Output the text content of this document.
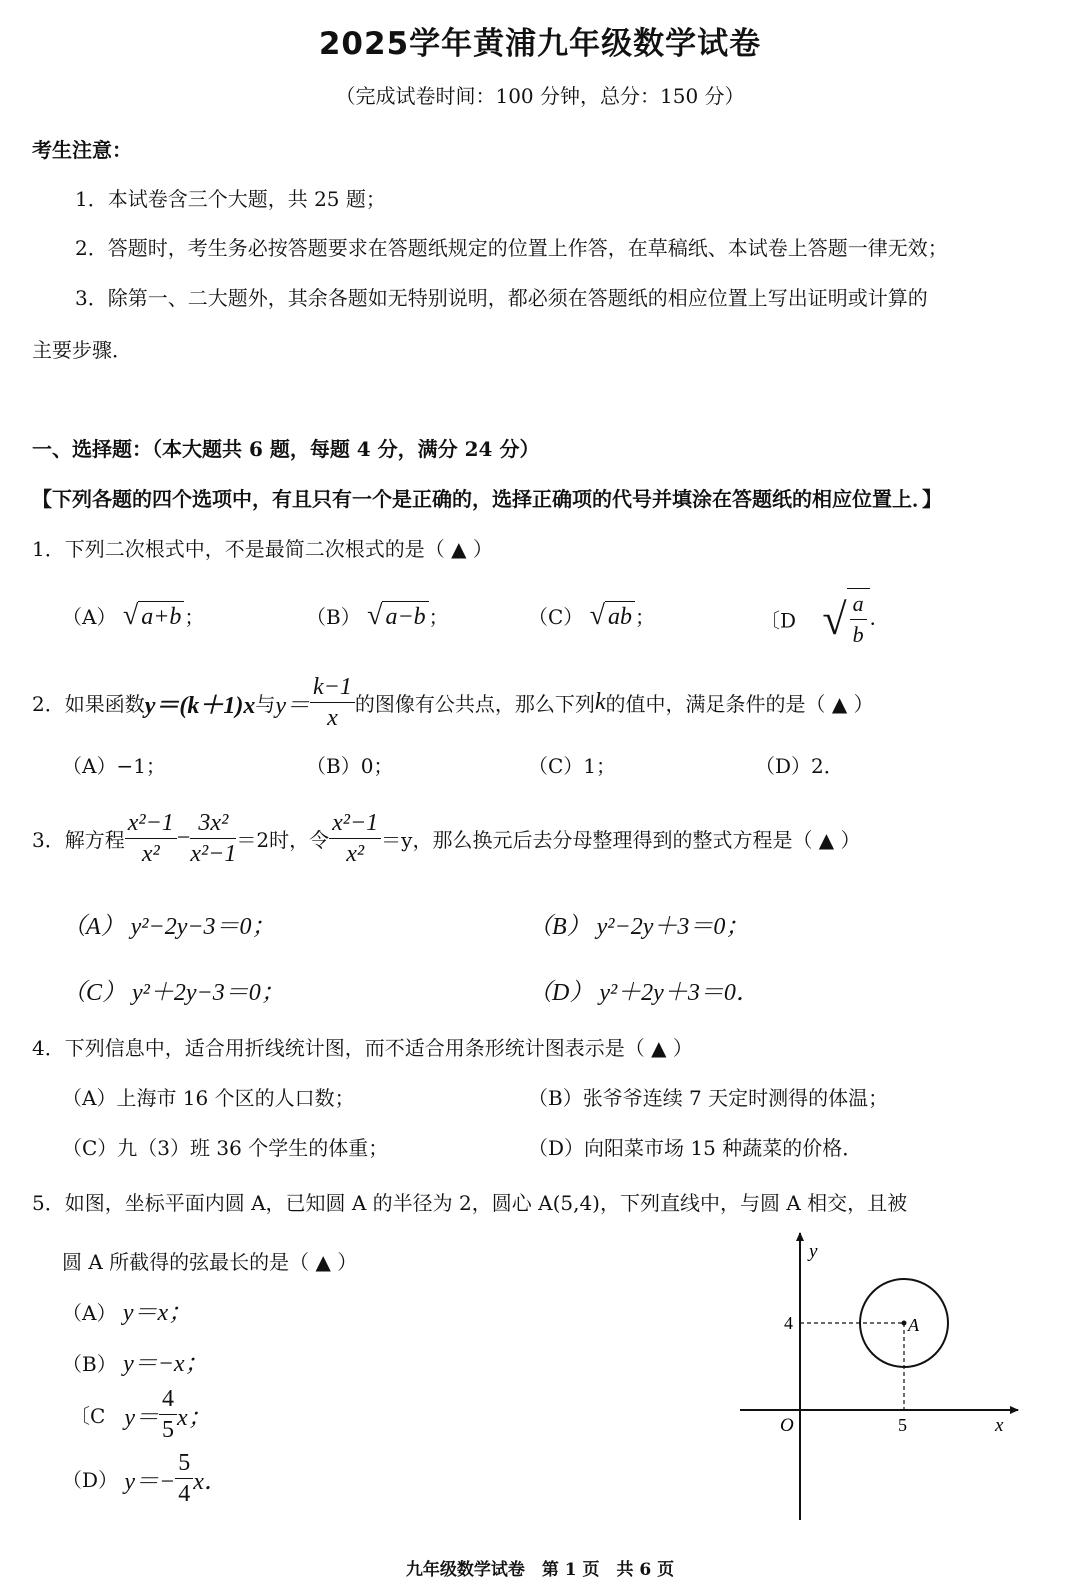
2025学年黄浦九年级数学试卷
（完成试卷时间：100 分钟，总分：150 分）
考生注意：
1．本试卷含三个大题，共 25 题；
2．答题时，考生务必按答题要求在答题纸规定的位置上作答，在草稿纸、本试卷上答题一律无效；
3．除第一、二大题外，其余各题如无特别说明，都必须在答题纸的相应位置上写出证明或计算的
主要步骤．
一、选择题：（本大题共 6 题，每题 4 分，满分 24 分）
【下列各题的四个选项中，有且只有一个是正确的，选择正确项的代号并填涂在答题纸的相应位置上．】
1．下列二次根式中，不是最简二次根式的是（ ▲ ）
（A） √ a+b ；	（B） √ a−b ；	（C） √ ab ；	〔D √ $\frac{a}{b}$ ．
2．如果函数y＝(k＋1)x与$y= \frac{k-1}{x}$ 的图像有公共点，那么下列k的值中，满足条件的是（ ▲ ）
（A）−1；	（B）0；	（C）1；	（D）2．
3．解方程 $\frac{\text{x²−1}}{\text{x²}} - \frac{\text{3x²}}{\text{x²−1}} =2$时，令 $\frac{\text{x²−1}}{\text{x²}} =y$，那么换元后去分母整理得到的整式方程是（ ▲ ）
（A） y²−2y−3＝0；	（B） y²−2y＋3＝0；
（C） y²＋2y−3＝0；	（D） y²＋2y＋3＝0．
4．下列信息中，适合用折线统计图，而不适合用条形统计图表示是（ ▲ ）
（A）上海市 16 个区的人口数；	（B）张爷爷连续 7 天定时测得的体温；
（C）九（3）班 36 个学生的体重；	（D）向阳菜市场 15 种蔬菜的价格．
5．如图，坐标平面内圆 A，已知圆 A 的半径为 2，圆心 A(5,4)，下列直线中，与圆 A 相交，且被
圆 A 所截得的弦最长的是（ ▲ ）
（A） y＝x；
（B） y＝−x；
〔C $y= \frac{4}{5}$ x；
（D） $y=- \frac{5}{4}$ x．
A
y
x
O
4
5
九年级数学试卷　第 1 页　共 6 页
